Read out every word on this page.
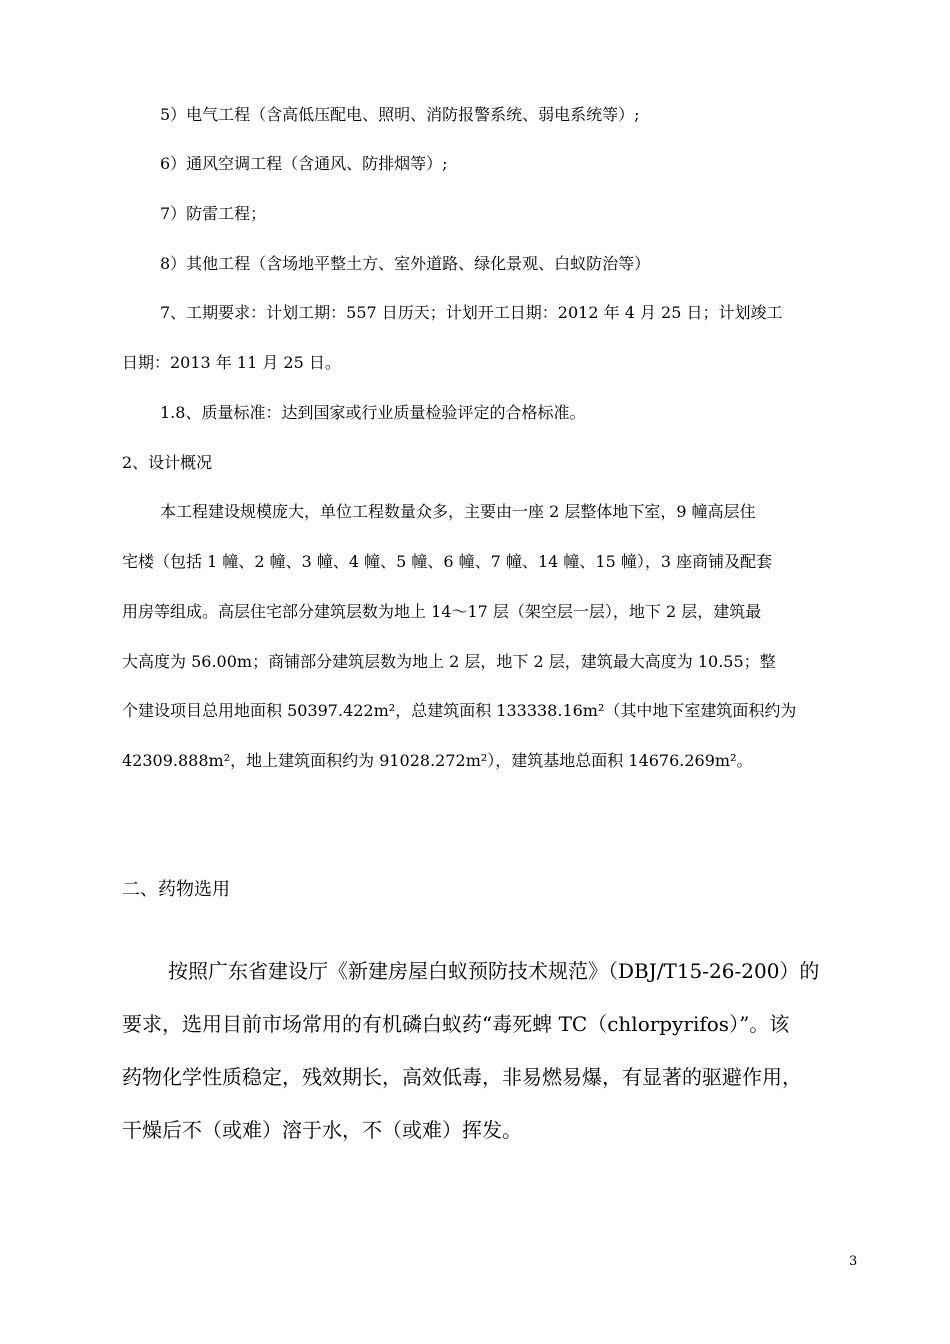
5）电气工程（含高低压配电、照明、消防报警系统、弱电系统等）;
6）通风空调工程（含通风、防排烟等）;
7）防雷工程；
8）其他工程（含场地平整土方、室外道路、绿化景观、白蚁防治等）
7、工期要求：计划工期：557 日历天；计划开工日期：2012 年 4 月 25 日；计划竣工
日期：2013 年 11 月 25 日。
1.8、质量标准：达到国家或行业质量检验评定的合格标准。
2、设计概况
本工程建设规模庞大，单位工程数量众多，主要由一座 2 层整体地下室，9 幢高层住
宅楼（包括 1 幢、2 幢、3 幢、4 幢、5 幢、6 幢、7 幢、14 幢、15 幢），3 座商铺及配套
用房等组成。高层住宅部分建筑层数为地上 14～17 层（架空层一层），地下 2 层，建筑最
大高度为 56.00m；商铺部分建筑层数为地上 2 层，地下 2 层，建筑最大高度为 10.55；整
个建设项目总用地面积 50397.422m²，总建筑面积 133338.16m²（其中地下室建筑面积约为
42309.888m²，地上建筑面积约为 91028.272m²），建筑基地总面积 14676.269m²。
二、药物选用
按照广东省建设厅《新建房屋白蚁预防技术规范》（DBJ/T15-26-200）的
要求，选用目前市场常用的有机磷白蚁药“毒死蜱 TC（chlorpyrifos）”。该
药物化学性质稳定，残效期长，高效低毒，非易燃易爆，有显著的驱避作用，
干燥后不（或难）溶于水，不（或难）挥发。
3
